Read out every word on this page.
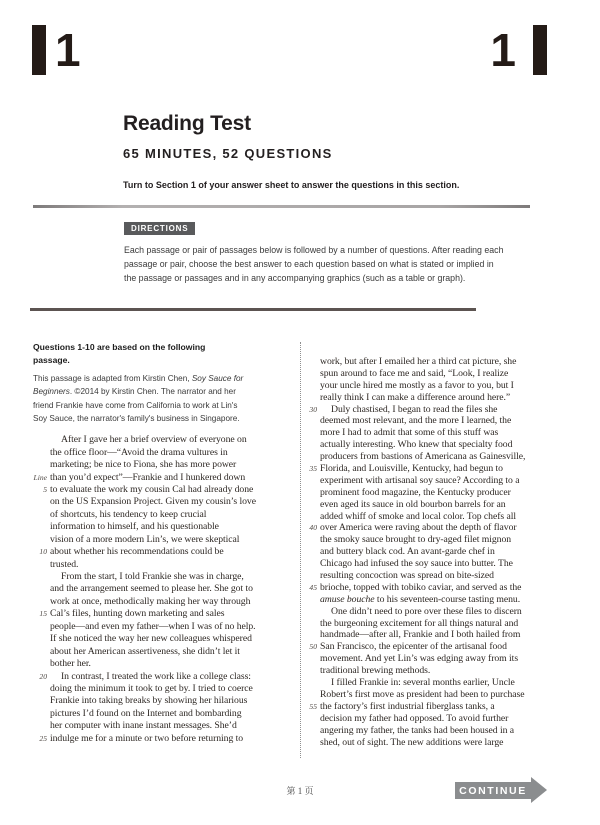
1	1
Reading Test
65 MINUTES, 52 QUESTIONS
Turn to Section 1 of your answer sheet to answer the questions in this section.
DIRECTIONS
Each passage or pair of passages below is followed by a number of questions. After reading each passage or pair, choose the best answer to each question based on what is stated or implied in the passage or passages and in any accompanying graphics (such as a table or graph).
Questions 1-10 are based on the following passage.
This passage is adapted from Kirstin Chen, Soy Sauce for Beginners. ©2014 by Kirstin Chen. The narrator and her friend Frankie have come from California to work at Lin's Soy Sauce, the narrator's family's business in Singapore.
After I gave her a brief overview of everyone on
the office floor—“Avoid the drama vultures in
marketing; be nice to Fiona, she has more power
Line than you’d expect”—Frankie and I hunkered down
5 to evaluate the work my cousin Cal had already done
on the US Expansion Project. Given my cousin’s love
of shortcuts, his tendency to keep crucial
information to himself, and his questionable
vision of a more modern Lin’s, we were skeptical
10 about whether his recommendations could be
trusted.
From the start, I told Frankie she was in charge,
and the arrangement seemed to please her. She got to
work at once, methodically making her way through
15 Cal’s files, hunting down marketing and sales
people—and even my father—when I was of no help.
If she noticed the way her new colleagues whispered
about her American assertiveness, she didn’t let it
bother her.
20	In contrast, I treated the work like a college class:
doing the minimum it took to get by. I tried to coerce
Frankie into taking breaks by showing her hilarious
pictures I’d found on the Internet and bombarding
her computer with inane instant messages. She’d
25 indulge me for a minute or two before returning to
work, but after I emailed her a third cat picture, she
spun around to face me and said, “Look, I realize
your uncle hired me mostly as a favor to you, but I
really think I can make a difference around here.”
30	Duly chastised, I began to read the files she
deemed most relevant, and the more I learned, the
more I had to admit that some of this stuff was
actually interesting. Who knew that specialty food
producers from bastions of Americana as Gainesville,
35 Florida, and Louisville, Kentucky, had begun to
experiment with artisanal soy sauce? According to a
prominent food magazine, the Kentucky producer
even aged its sauce in old bourbon barrels for an
added whiff of smoke and local color. Top chefs all
40 over America were raving about the depth of flavor
the smoky sauce brought to dry-aged filet mignon
and buttery black cod. An avant-garde chef in
Chicago had infused the soy sauce into butter. The
resulting concoction was spread on bite-sized
45 brioche, topped with tobiko caviar, and served as the
amuse bouche to his seventeen-course tasting menu.
One didn’t need to pore over these files to discern
the burgeoning excitement for all things natural and
handmade—after all, Frankie and I both hailed from
50 San Francisco, the epicenter of the artisanal food
movement. And yet Lin’s was edging away from its
traditional brewing methods.
I filled Frankie in: several months earlier, Uncle
Robert’s first move as president had been to purchase
55 the factory’s first industrial fiberglass tanks, a
decision my father had opposed. To avoid further
angering my father, the tanks had been housed in a
shed, out of sight. The new additions were large
第 1 页	CONTINUE
